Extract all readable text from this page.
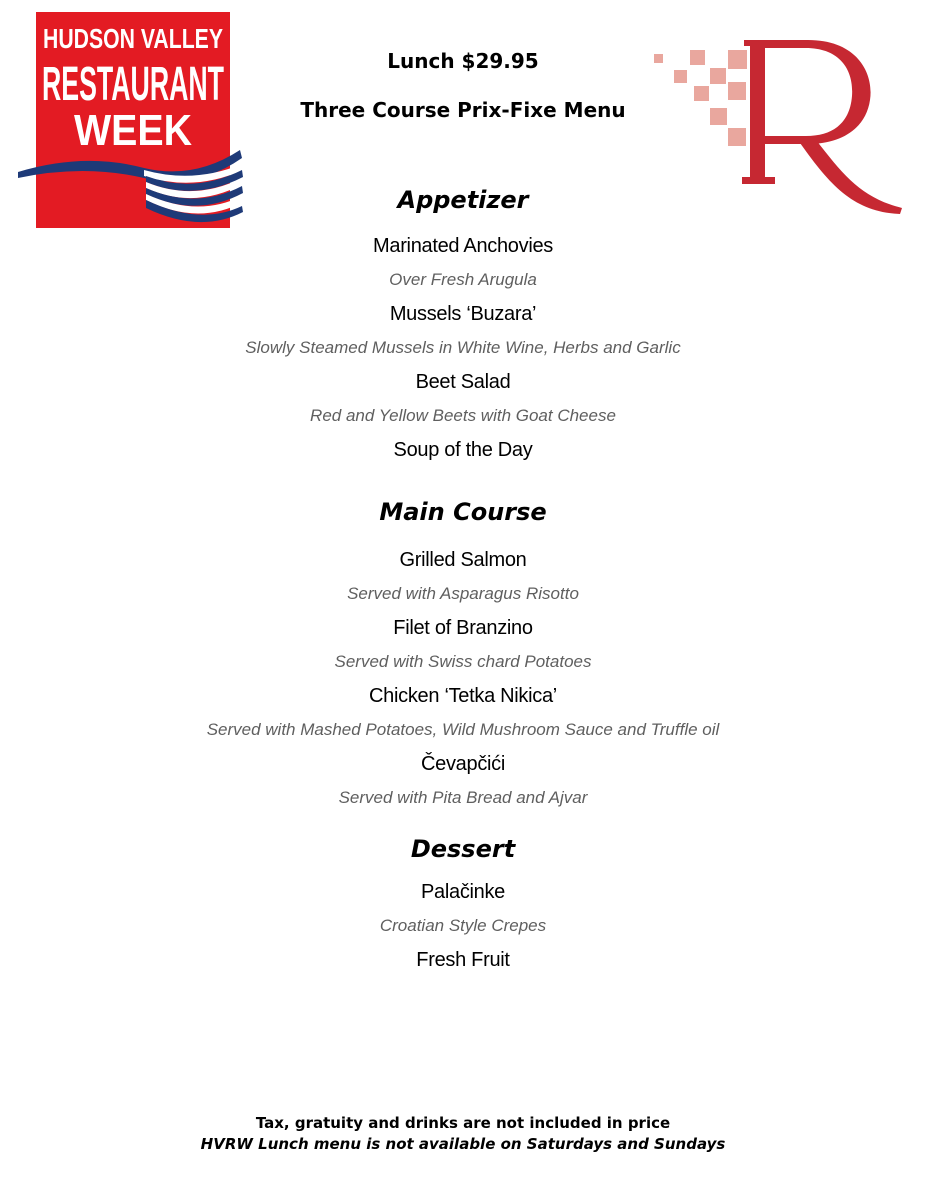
HUDSON VALLEY
RESTAURANT
WEEK
Lunch $29.95
Three Course Prix-Fixe Menu
Appetizer
Marinated Anchovies
Over Fresh Arugula
Mussels ‘Buzara’
Slowly Steamed Mussels in White Wine, Herbs and Garlic
Beet Salad
Red and Yellow Beets with Goat Cheese
Soup of the Day
Main Course
Grilled Salmon
Served with Asparagus Risotto
Filet of Branzino
Served with Swiss chard Potatoes
Chicken ‘Tetka Nikica’
Served with Mashed Potatoes, Wild Mushroom Sauce and Truffle oil
Čevapčići
Served with Pita Bread and Ajvar
Dessert
Palačinke
Croatian Style Crepes
Fresh Fruit
Tax, gratuity and drinks are not included in price
HVRW Lunch menu is not available on Saturdays and Sundays
